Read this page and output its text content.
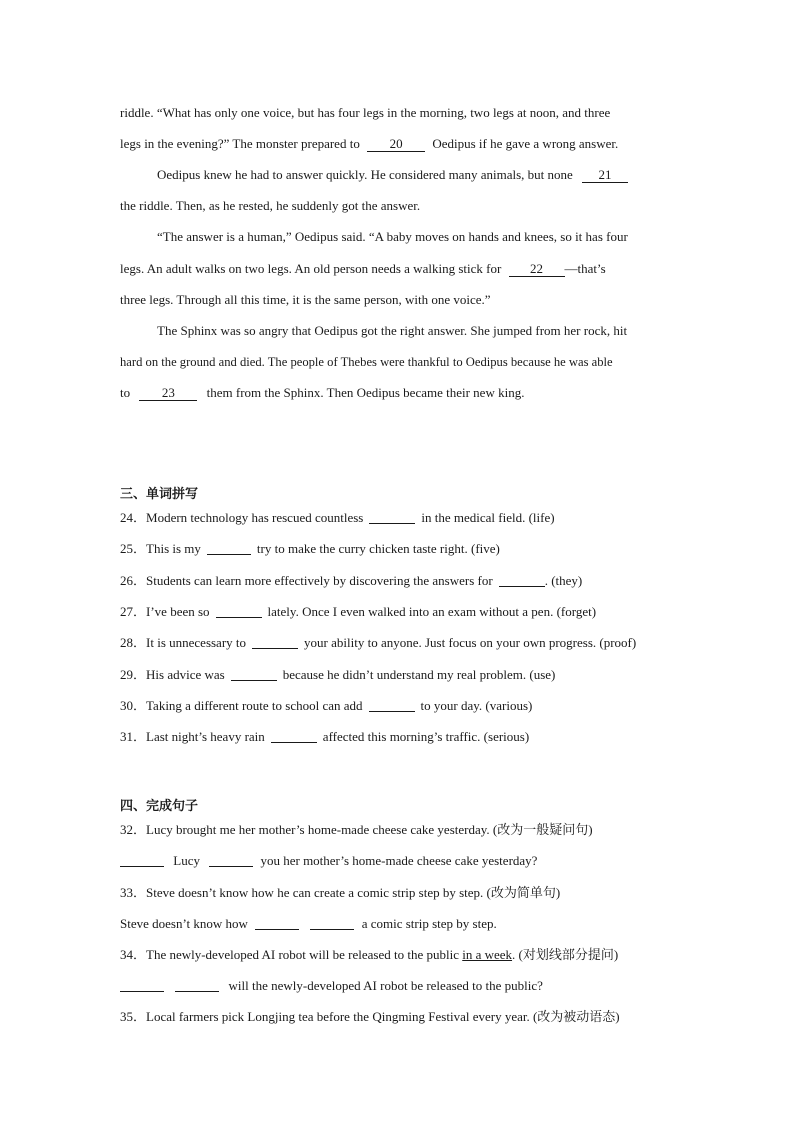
riddle. “What has only one voice, but has four legs in the morning, two legs at noon, and three
legs in the evening?” The monster prepared to 20 Oedipus if he gave a wrong answer.
Oedipus knew he had to answer quickly. He considered many animals, but none 21
the riddle. Then, as he rested, he suddenly got the answer.
“The answer is a human,” Oedipus said. “A baby moves on hands and knees, so it has four
legs. An adult walks on two legs. An old person needs a walking stick for 22 —that’s
three legs. Through all this time, it is the same person, with one voice.”
The Sphinx was so angry that Oedipus got the right answer. She jumped from her rock, hit
hard on the ground and died. The people of Thebes were thankful to Oedipus because he was able
to 23 them from the Sphinx. Then Oedipus became their new king.
三、单词拼写
24．Modern technology has rescued countless	in the medical field. (life)
25．This is my	try to make the curry chicken taste right. (five)
26．Students can learn more effectively by discovering the answers for	. (they)
27．I’ve been so	lately. Once I even walked into an exam without a pen. (forget)
28．It is unnecessary to	your ability to anyone. Just focus on your own progress. (proof)
29．His advice was	because he didn’t understand my real problem. (use)
30．Taking a different route to school can add	to your day. (various)
31．Last night’s heavy rain	affected this morning’s traffic. (serious)
四、完成句子
32．Lucy brought me her mother’s home-made cheese cake yesterday. (改为一般疑问句)
Lucy	you her mother’s home-made cheese cake yesterday?
33．Steve doesn’t know how he can create a comic strip step by step. (改为简单句)
Steve doesn’t know how	a comic strip step by step.
34．The newly-developed AI robot will be released to the public in a week. (对划线部分提问)
will the newly-developed AI robot be released to the public?
35．Local farmers pick Longjing tea before the Qingming Festival every year. (改为被动语态)
